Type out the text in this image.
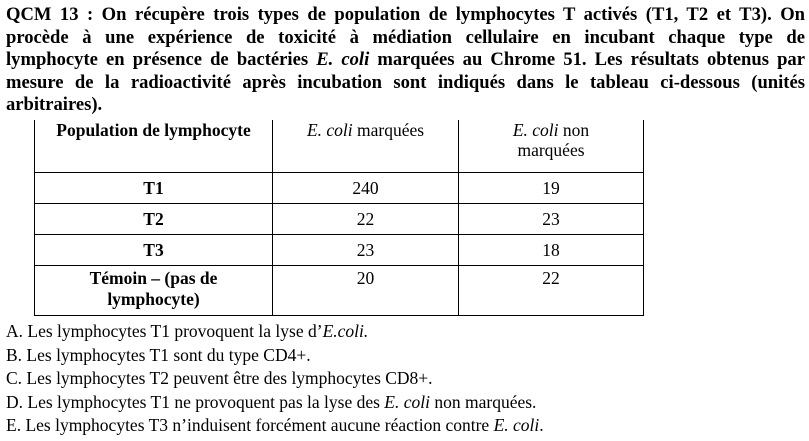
QCM 13 : On récupère trois types de population de lymphocytes T activés (T1, T2 et T3). On
procède à une expérience de toxicité à médiation cellulaire en incubant chaque type de
lymphocyte en présence de bactéries E. coli marquées au Chrome 51. Les résultats obtenus par
mesure de la radioactivité après incubation sont indiqués dans le tableau ci-dessous (unités
arbitraires).
Population de lymphocyte	E. coli marquées	E. coli non
marquées
T1	240	19
T2	22	23
T3	23	18
Témoin – (pas de
lymphocyte)	20	22
A. Les lymphocytes T1 provoquent la lyse d’E.coli.
B. Les lymphocytes T1 sont du type CD4+.
C. Les lymphocytes T2 peuvent être des lymphocytes CD8+.
D. Les lymphocytes T1 ne provoquent pas la lyse des E. coli non marquées.
E. Les lymphocytes T3 n’induisent forcément aucune réaction contre E. coli.
